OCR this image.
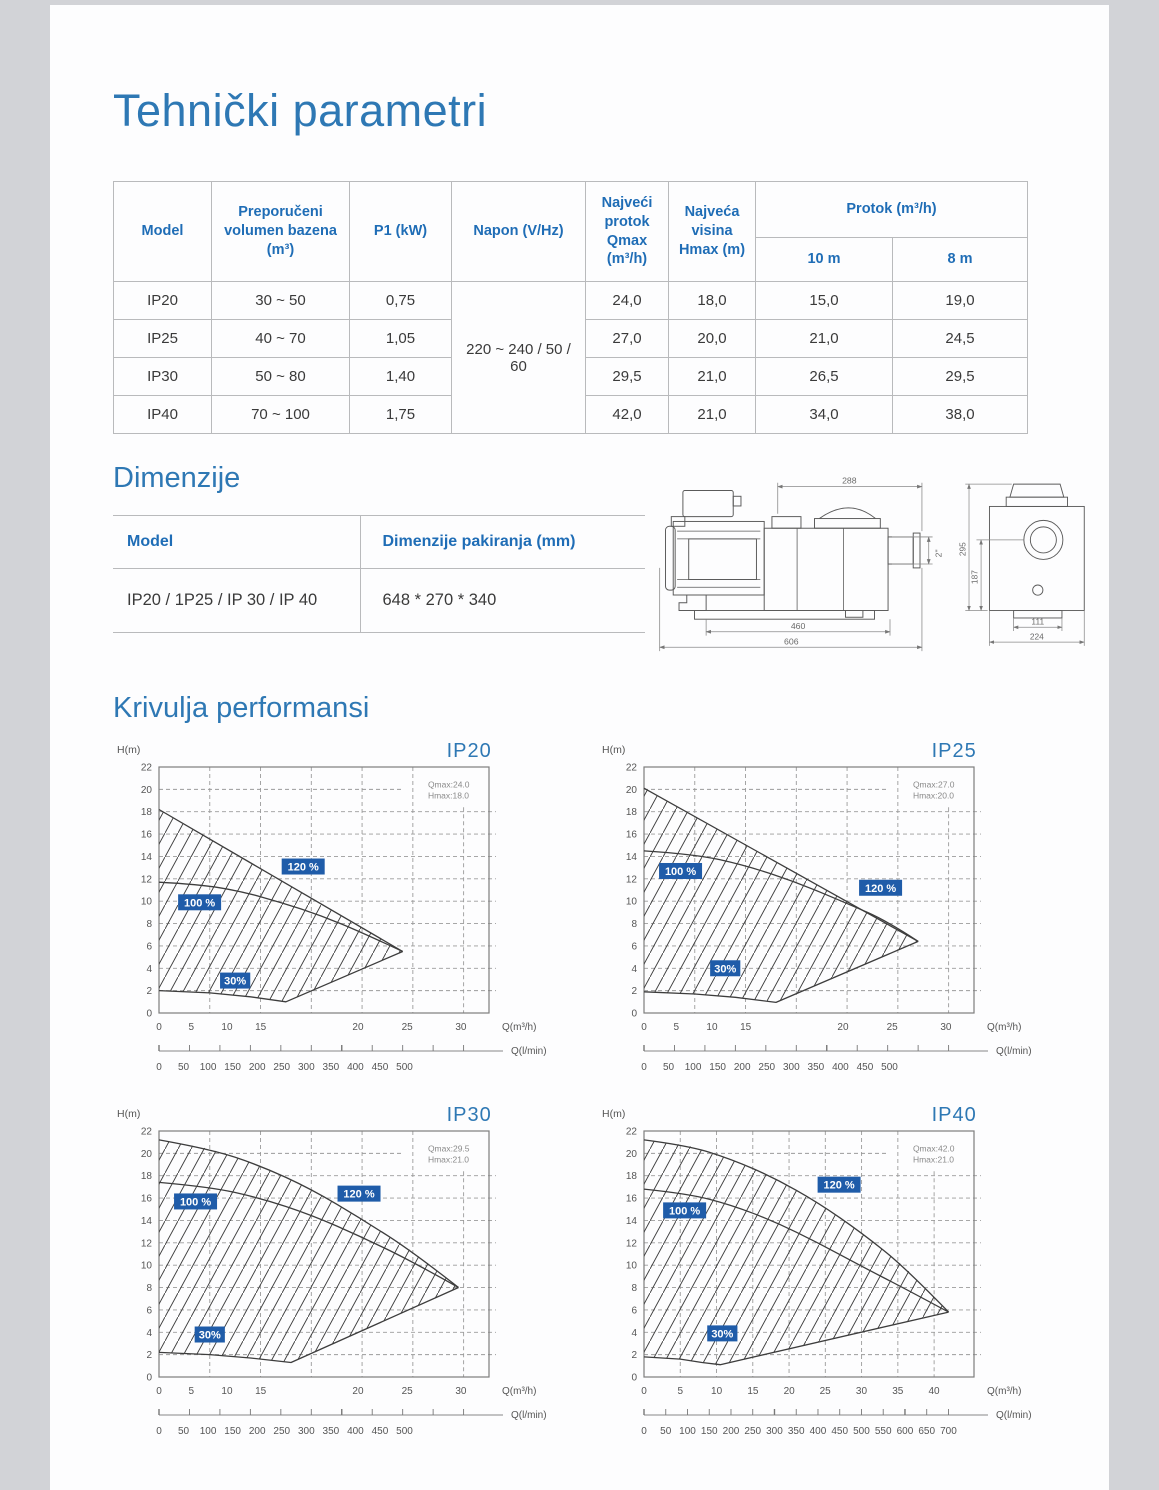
Tehnički parametri
Model	Preporučeni volumen bazena (m³)	P1 (kW)	Napon (V/Hz)	Najveći protok Qmax (m³/h)	Najveća visina Hmax (m)	Protok (m³/h)	
						10 m	8 m
IP20	30 ~ 50	0,75	220 ~ 240 / 50 / 60	24,0	18,0	15,0	19,0
IP25	40 ~ 70	1,05		27,0	20,0	21,0	24,5
IP30	50 ~ 80	1,40		29,5	21,0	26,5	29,5
IP40	70 ~ 100	1,75		42,0	21,0	34,0	38,0
Dimenzije
Model	Dimenzije pakiranja (mm)
IP20 / 1P25 / IP 30 / IP 40	648 * 270 * 340
288
2"
460
606
295
187
111
224
Krivulja performansi
H(m)	IP20
0
2
4
6
8
10
12
14
16
18
20
22
Qmax:24.0
Hmax:18.0
120 %
100 %
30%
0	5	10 15	20	25	30	Q(m³/h)
Q(l/min)
0 50 100 150 200 250 300 350 400 450 500
H(m)	IP25
0
2
4
6
8
10
12
14
16
18
20
22
Qmax:27.0
Hmax:20.0
100 %
120 %
30%
0	5	10 15	20	25	30	Q(m³/h)
Q(l/min)
0 50 100 150 200 250 300 350 400 450 500
H(m)	IP30
0
2
4
6
8
10
12
14
16
18
20
22
Qmax:29.5
Hmax:21.0
100 %
120 %
30%
0	5	10 15	20	25	30	Q(m³/h)
Q(l/min)
0 50 100 150 200 250 300 350 400 450 500
H(m)	IP40
0
2
4
6
8
10
12
14
16
18
20
22
Qmax:42.0
Hmax:21.0
100 %
120 %
30%
0	5	10	15	20 25	30	35	40	Q(m³/h)
Q(l/min)
0 50 100 150 200 250 300 350 400 450 500 550 600 650 700
